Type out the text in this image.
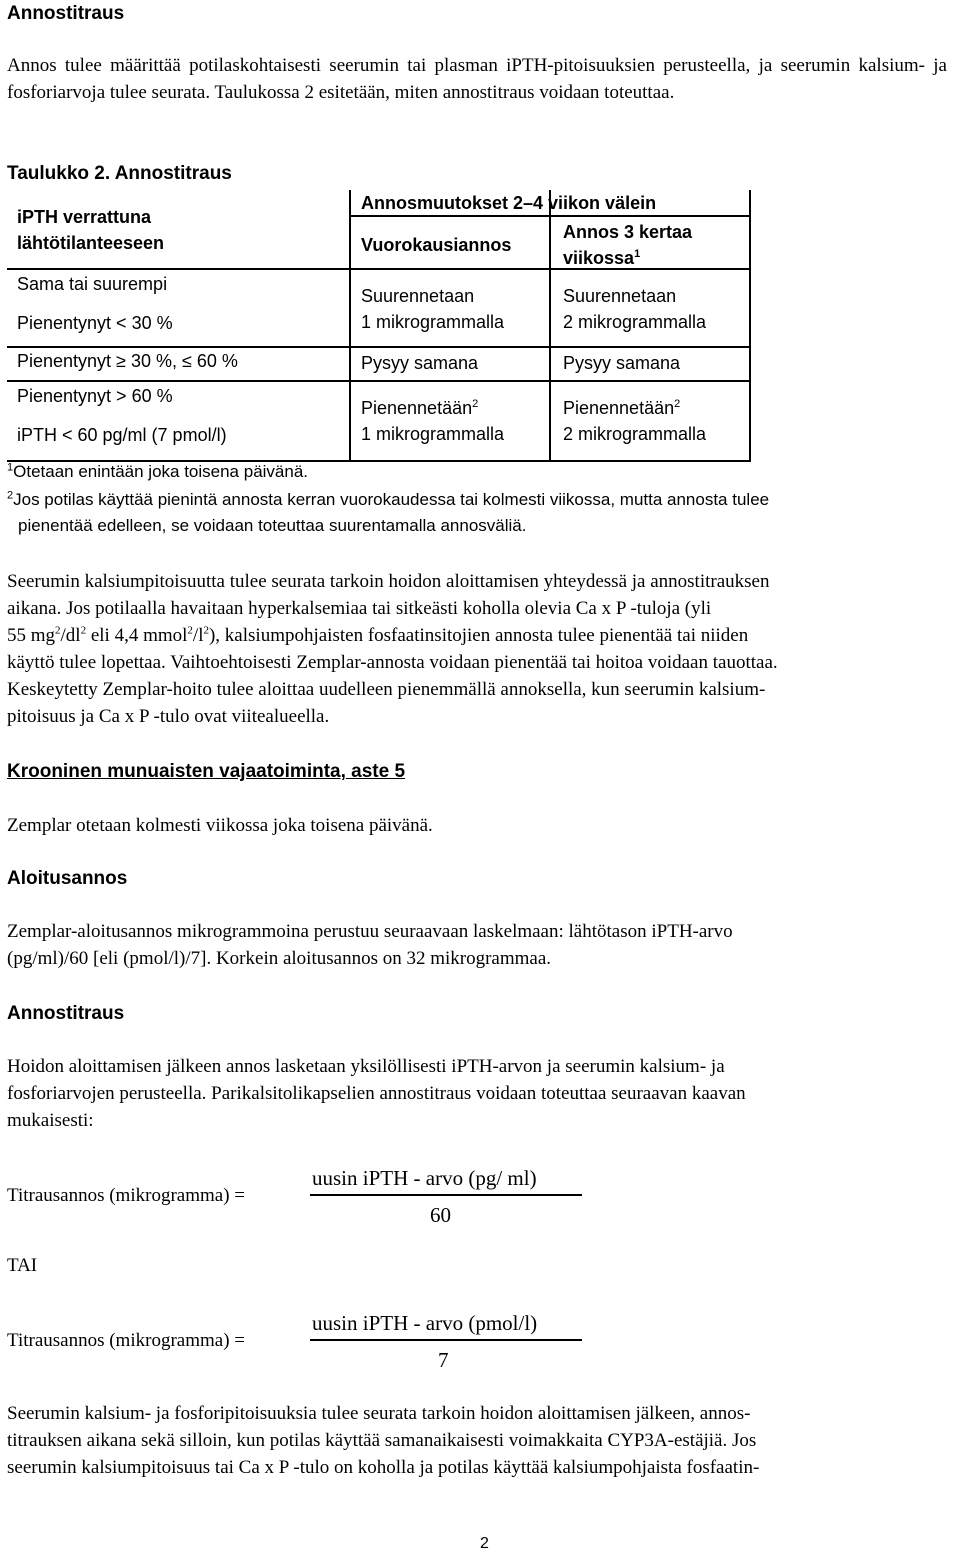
Annostitraus
Annos tulee määrittää potilaskohtaisesti seerumin tai plasman iPTH-pitoisuuksien perusteella, ja seerumin kalsium- ja fosforiarvoja tulee seurata. Taulukossa 2 esitetään, miten annostitraus voidaan toteuttaa.
Taulukko 2. Annostitraus
iPTH verrattuna
lähtötilanteeseen
Annosmuutokset 2–4 viikon välein
Vuorokausiannos
Annos 3 kertaa
viikossa$^1$
Sama tai suurempi
Pienentynyt < 30 %
Suurennetaan
1 mikrogrammalla
Suurennetaan
2 mikrogrammalla
Pienentynyt ≥ 30 %, ≤ 60 %	Pysyy samana	Pysyy samana
Pienentynyt > 60 %
iPTH < 60 pg/ml (7 pmol/l)
Pienennetään$^2$
1 mikrogrammalla
Pienennetään$^2$
2 mikrogrammalla
$^1$Otetaan enintään joka toisena päivänä.
$^2$Jos potilas käyttää pienintä annosta kerran vuorokaudessa tai kolmesti viikossa, mutta annosta tulee
pienentää edelleen, se voidaan toteuttaa suurentamalla annosväliä.
Seerumin kalsiumpitoisuutta tulee seurata tarkoin hoidon aloittamisen yhteydessä ja annostitrauksen
aikana. Jos potilaalla havaitaan hyperkalsemiaa tai sitkeästi koholla olevia Ca x P -tuloja (yli
55 $mg^2/dl^2$ eli 4,4 $mmol^2/l^2$), kalsiumpohjaisten fosfaatinsitojien annosta tulee pienentää tai niiden
käyttö tulee lopettaa. Vaihtoehtoisesti Zemplar-annosta voidaan pienentää tai hoitoa voidaan tauottaa.
Keskeytetty Zemplar-hoito tulee aloittaa uudelleen pienemmällä annoksella, kun seerumin kalsium-
pitoisuus ja Ca x P -tulo ovat viitealueella.
Krooninen munuaisten vajaatoiminta, aste 5
Zemplar otetaan kolmesti viikossa joka toisena päivänä.
Aloitusannos
Zemplar-aloitusannos mikrogrammoina perustuu seuraavaan laskelmaan: lähtötason iPTH-arvo
(pg/ml)/60 [eli (pmol/l)/7]. Korkein aloitusannos on 32 mikrogrammaa.
Annostitraus
Hoidon aloittamisen jälkeen annos lasketaan yksilöllisesti iPTH-arvon ja seerumin kalsium- ja
fosforiarvojen perusteella. Parikalsitolikapselien annostitraus voidaan toteuttaa seuraavan kaavan
mukaisesti:
Titrausannos (mikrogramma) =
uusin iPTH - arvo (pg/ ml)
60
TAI
Titrausannos (mikrogramma) =
uusin iPTH - arvo (pmol/l)
7
Seerumin kalsium- ja fosforipitoisuuksia tulee seurata tarkoin hoidon aloittamisen jälkeen, annos-
titrauksen aikana sekä silloin, kun potilas käyttää samanaikaisesti voimakkaita CYP3A-estäjiä. Jos
seerumin kalsiumpitoisuus tai Ca x P -tulo on koholla ja potilas käyttää kalsiumpohjaista fosfaatin-
2
